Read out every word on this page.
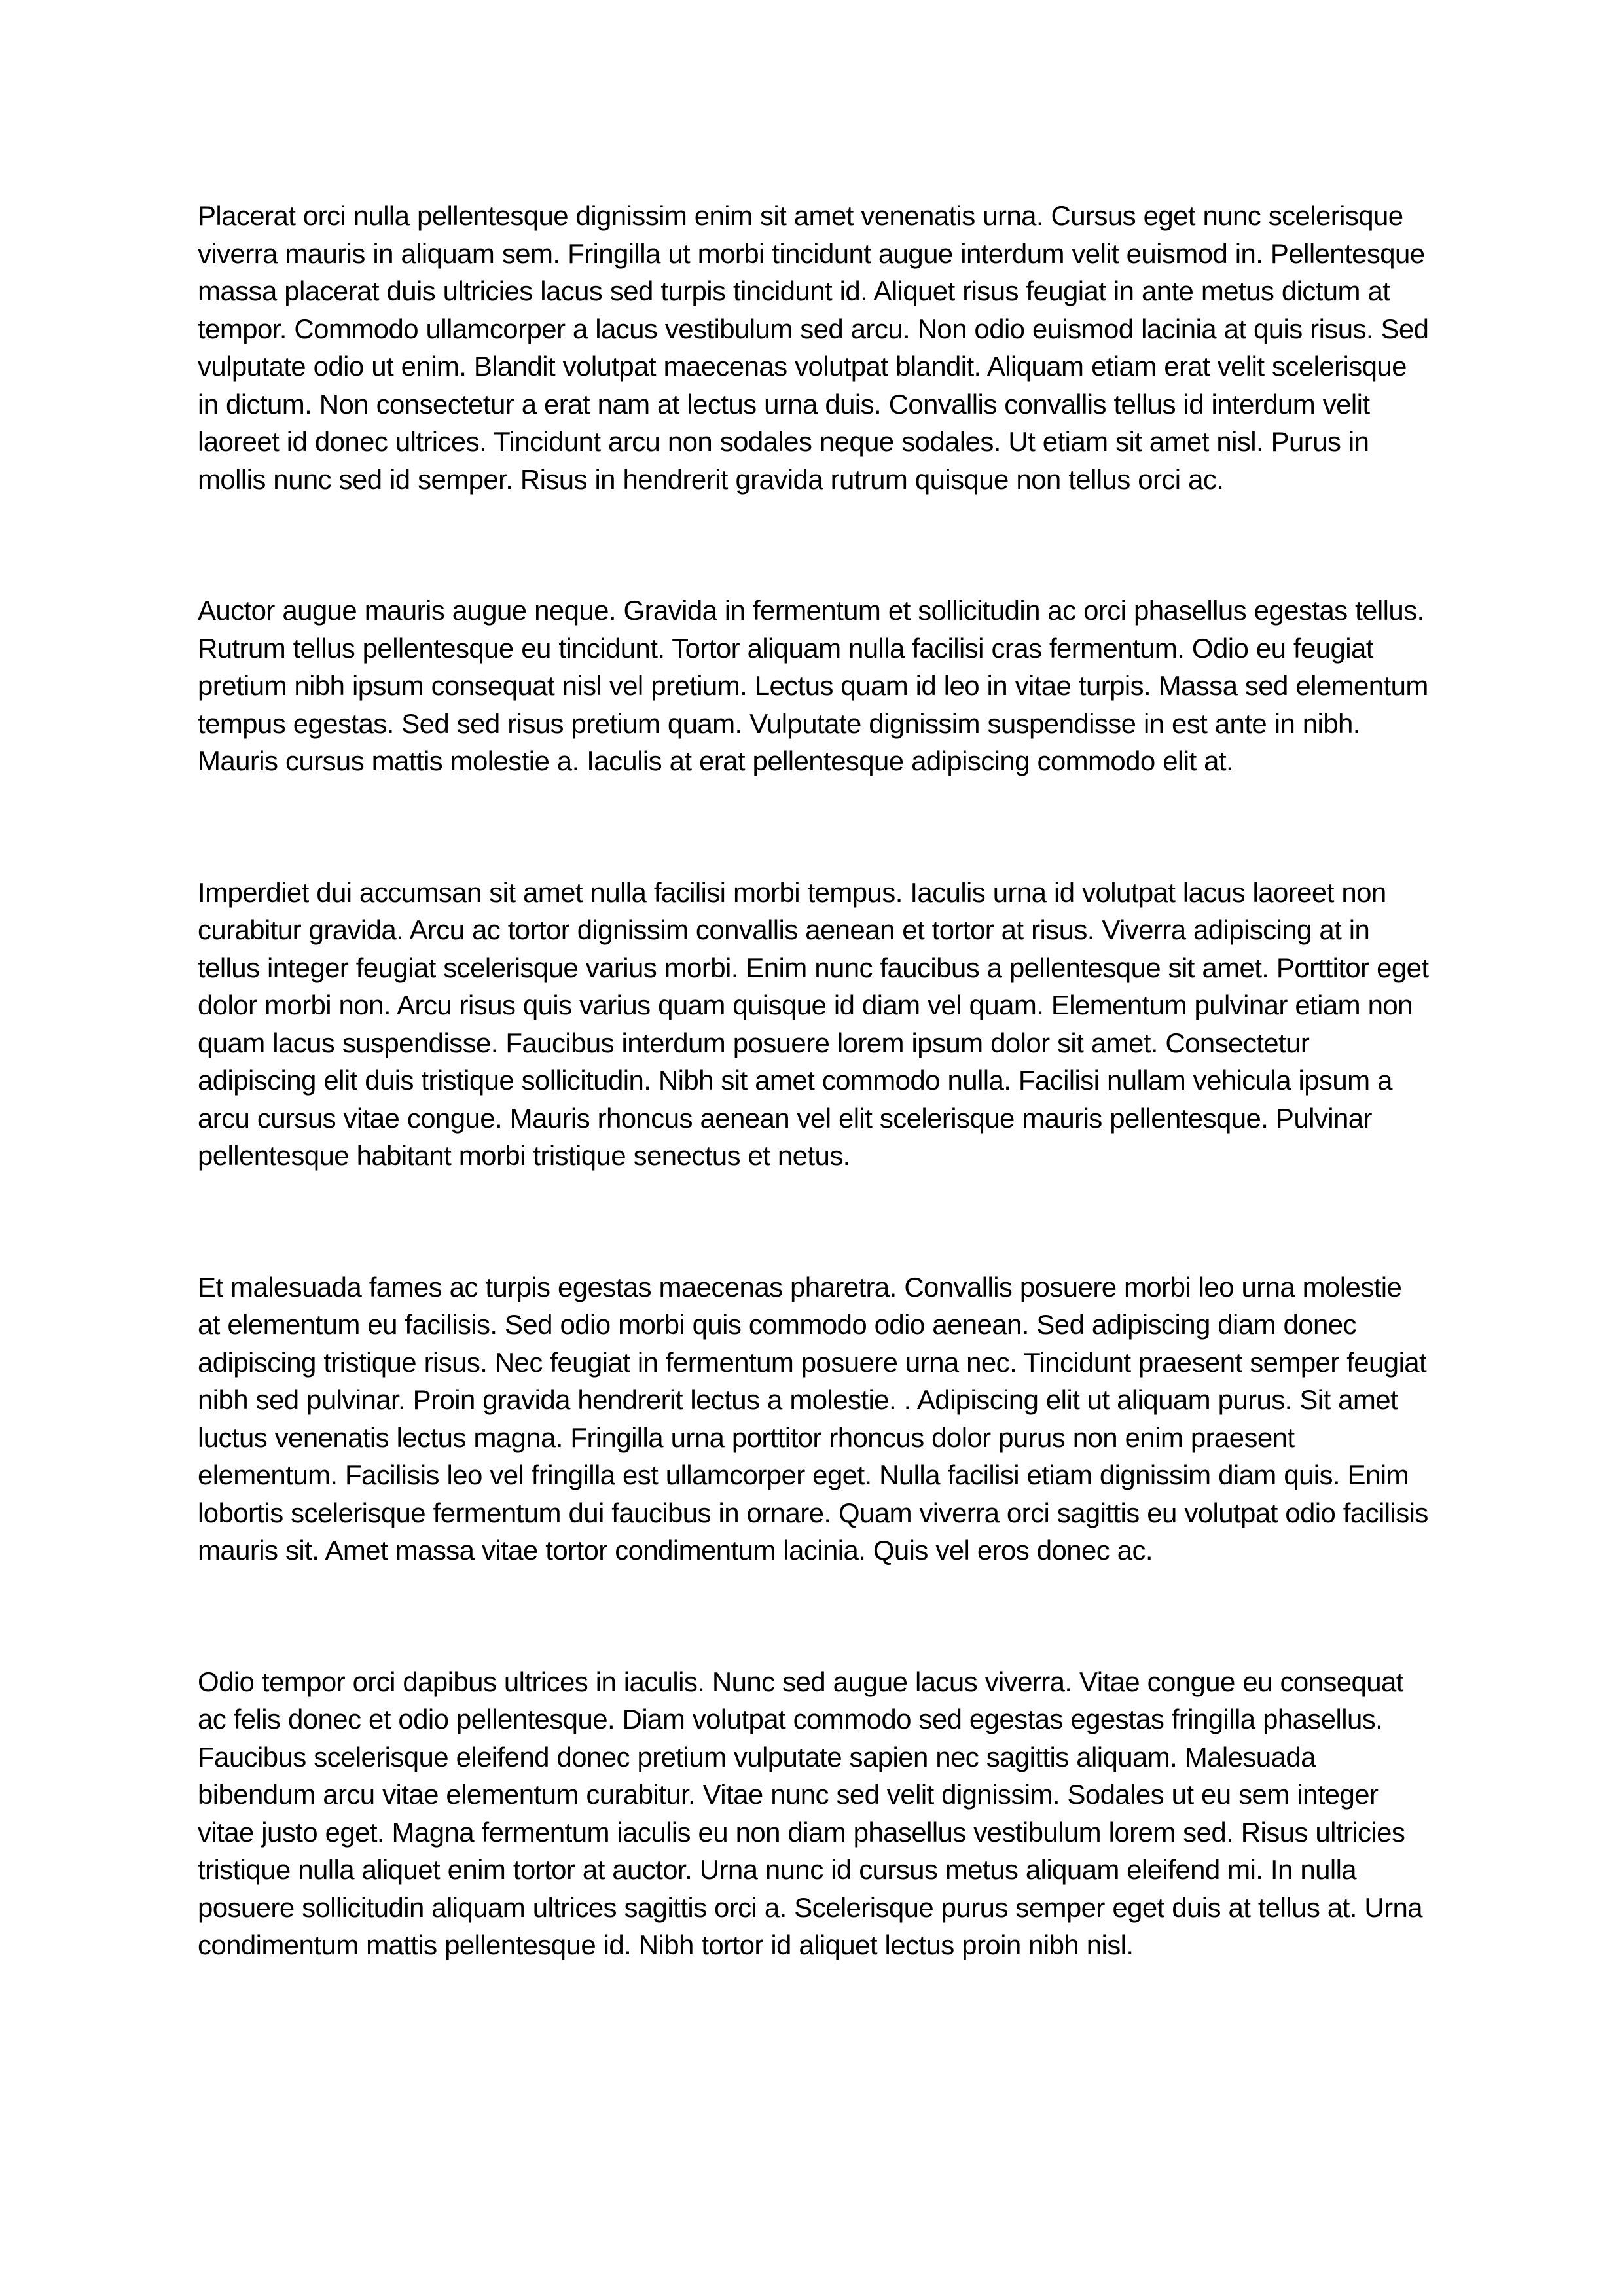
Placerat orci nulla pellentesque dignissim enim sit amet venenatis urna. Cursus eget nunc scelerisque viverra mauris in aliquam sem. Fringilla ut morbi tincidunt augue interdum velit euismod in. Pellentesque massa placerat duis ultricies lacus sed turpis tincidunt id. Aliquet risus feugiat in ante metus dictum at tempor. Commodo ullamcorper a lacus vestibulum sed arcu. Non odio euismod lacinia at quis risus. Sed vulputate odio ut enim. Blandit volutpat maecenas volutpat blandit. Aliquam etiam erat velit scelerisque in dictum. Non consectetur a erat nam at lectus urna duis. Convallis convallis tellus id interdum velit laoreet id donec ultrices. Tincidunt arcu non sodales neque sodales. Ut etiam sit amet nisl. Purus in mollis nunc sed id semper. Risus in hendrerit gravida rutrum quisque non tellus orci ac.

Auctor augue mauris augue neque. Gravida in fermentum et sollicitudin ac orci phasellus egestas tellus. Rutrum tellus pellentesque eu tincidunt. Tortor aliquam nulla facilisi cras fermentum. Odio eu feugiat pretium nibh ipsum consequat nisl vel pretium. Lectus quam id leo in vitae turpis. Massa sed elementum tempus egestas. Sed sed risus pretium quam. Vulputate dignissim suspendisse in est ante in nibh. Mauris cursus mattis molestie a. Iaculis at erat pellentesque adipiscing commodo elit at.

Imperdiet dui accumsan sit amet nulla facilisi morbi tempus. Iaculis urna id volutpat lacus laoreet non curabitur gravida. Arcu ac tortor dignissim convallis aenean et tortor at risus. Viverra adipiscing at in tellus integer feugiat scelerisque varius morbi. Enim nunc faucibus a pellentesque sit amet. Porttitor eget dolor morbi non. Arcu risus quis varius quam quisque id diam vel quam. Elementum pulvinar etiam non quam lacus suspendisse. Faucibus interdum posuere lorem ipsum dolor sit amet. Consectetur adipiscing elit duis tristique sollicitudin. Nibh sit amet commodo nulla. Facilisi nullam vehicula ipsum a arcu cursus vitae congue. Mauris rhoncus aenean vel elit scelerisque mauris pellentesque. Pulvinar pellentesque habitant morbi tristique senectus et netus.

Et malesuada fames ac turpis egestas maecenas pharetra. Convallis posuere morbi leo urna molestie at elementum eu facilisis. Sed odio morbi quis commodo odio aenean. Sed adipiscing diam donec adipiscing tristique risus. Nec feugiat in fermentum posuere urna nec. Tincidunt praesent semper feugiat nibh sed pulvinar. Proin gravida hendrerit lectus a molestie. . Adipiscing elit ut aliquam purus. Sit amet luctus venenatis lectus magna. Fringilla urna porttitor rhoncus dolor purus non enim praesent elementum. Facilisis leo vel fringilla est ullamcorper eget. Nulla facilisi etiam dignissim diam quis. Enim lobortis scelerisque fermentum dui faucibus in ornare. Quam viverra orci sagittis eu volutpat odio facilisis mauris sit. Amet massa vitae tortor condimentum lacinia. Quis vel eros donec ac.

Odio tempor orci dapibus ultrices in iaculis. Nunc sed augue lacus viverra. Vitae congue eu consequat ac felis donec et odio pellentesque. Diam volutpat commodo sed egestas egestas fringilla phasellus. Faucibus scelerisque eleifend donec pretium vulputate sapien nec sagittis aliquam. Malesuada bibendum arcu vitae elementum curabitur. Vitae nunc sed velit dignissim. Sodales ut eu sem integer vitae justo eget. Magna fermentum iaculis eu non diam phasellus vestibulum lorem sed. Risus ultricies tristique nulla aliquet enim tortor at auctor. Urna nunc id cursus metus aliquam eleifend mi. In nulla posuere sollicitudin aliquam ultrices sagittis orci a. Scelerisque purus semper eget duis at tellus at. Urna condimentum mattis pellentesque id. Nibh tortor id aliquet lectus proin nibh nisl.
